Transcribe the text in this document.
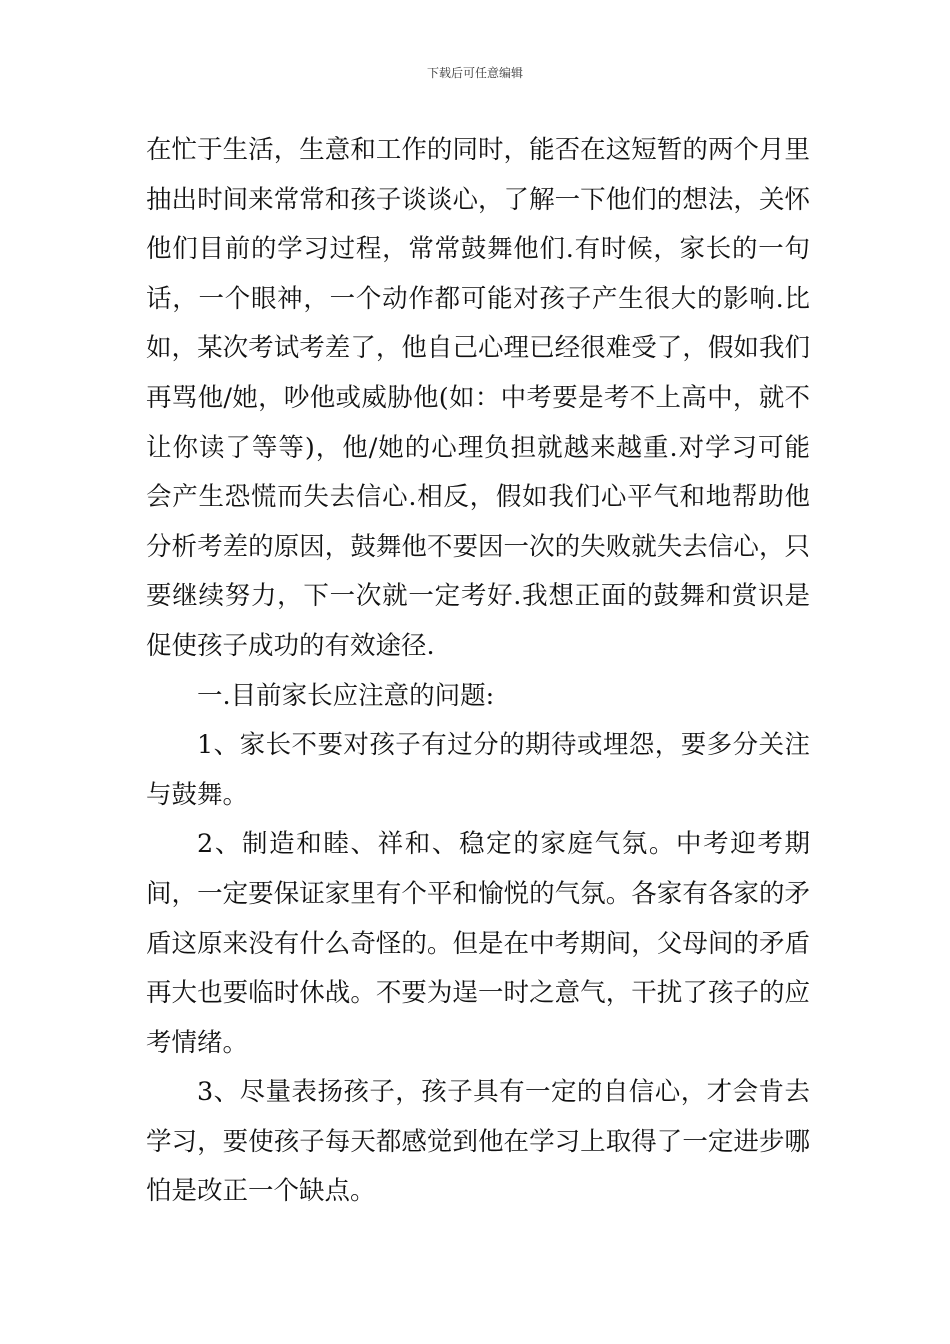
下载后可任意编辑

在忙于生活，生意和工作的同时，能否在这短暂的两个月里抽出时间来常常和孩子谈谈心，了解一下他们的想法，关怀他们目前的学习过程，常常鼓舞他们.有时候，家长的一句话，一个眼神，一个动作都可能对孩子产生很大的影响.比如，某次考试考差了，他自己心理已经很难受了，假如我们再骂他/她，吵他或威胁他(如：中考要是考不上高中，就不让你读了等等)，他/她的心理负担就越来越重.对学习可能会产生恐慌而失去信心.相反，假如我们心平气和地帮助他分析考差的原因，鼓舞他不要因一次的失败就失去信心，只要继续努力，下一次就一定考好.我想正面的鼓舞和赏识是促使孩子成功的有效途径.

一.目前家长应注意的问题:

1、家长不要对孩子有过分的期待或埋怨，要多分关注与鼓舞。

2、制造和睦、祥和、稳定的家庭气氛。中考迎考期间，一定要保证家里有个平和愉悦的气氛。各家有各家的矛盾这原来没有什么奇怪的。但是在中考期间，父母间的矛盾再大也要临时休战。不要为逞一时之意气，干扰了孩子的应考情绪。

3、尽量表扬孩子，孩子具有一定的自信心，才会肯去学习，要使孩子每天都感觉到他在学习上取得了一定进步哪怕是改正一个缺点。
